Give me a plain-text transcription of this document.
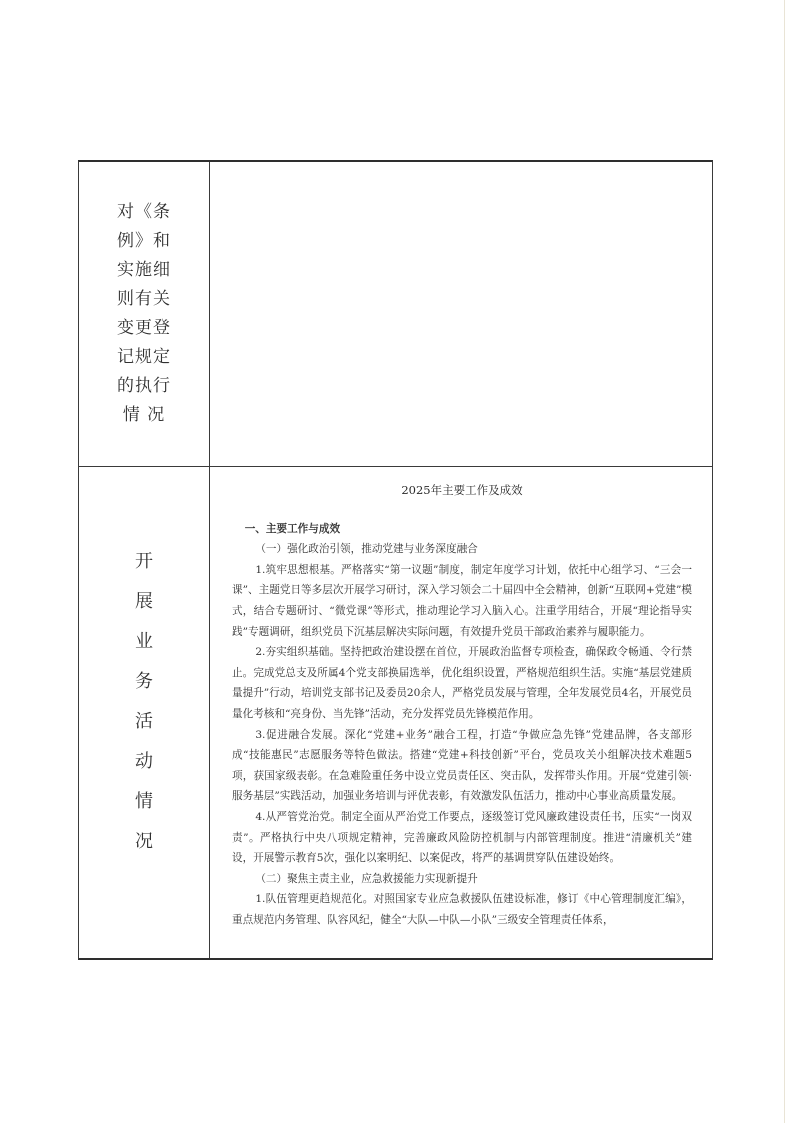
对《条
例》和
实施细
则有关
变更登
记规定
的执行
情 况
开
展
业
务
活
动
情
况
2025年主要工作及成效

一、主要工作与成效

（一）强化政治引领，推动党建与业务深度融合

1.筑牢思想根基。严格落实“第一议题”制度，制定年度学习计划，依托中心组学习、“三会一课”、主题党日等多层次开展学习研讨，深入学习领会二十届四中全会精神，创新“互联网+党建”模式，结合专题研讨、“微党课”等形式，推动理论学习入脑入心。注重学用结合，开展“理论指导实践”专题调研，组织党员下沉基层解决实际问题，有效提升党员干部政治素养与履职能力。

2.夯实组织基础。坚持把政治建设摆在首位，开展政治监督专项检查，确保政令畅通、令行禁止。完成党总支及所属4个党支部换届选举，优化组织设置，严格规范组织生活。实施“基层党建质量提升”行动，培训党支部书记及委员20余人，严格党员发展与管理，全年发展党员4名，开展党员量化考核和“亮身份、当先锋”活动，充分发挥党员先锋模范作用。

3.促进融合发展。深化“党建+业务”融合工程，打造“争做应急先锋”党建品牌，各支部形成“技能惠民”志愿服务等特色做法。搭建“党建+科技创新”平台，党员攻关小组解决技术难题5项，获国家级表彰。在急难险重任务中设立党员责任区、突击队，发挥带头作用。开展“党建引领·服务基层”实践活动，加强业务培训与评优表彰，有效激发队伍活力，推动中心事业高质量发展。

4.从严管党治党。制定全面从严治党工作要点，逐级签订党风廉政建设责任书，压实“一岗双责”。严格执行中央八项规定精神，完善廉政风险防控机制与内部管理制度。推进“清廉机关”建设，开展警示教育5次，强化以案明纪、以案促改，将严的基调贯穿队伍建设始终。

（二）聚焦主责主业，应急救援能力实现新提升

1.队伍管理更趋规范化。对照国家专业应急救援队伍建设标准，修订《中心管理制度汇编》，重点规范内务管理、队容风纪，健全“大队—中队—小队”三级安全管理责任体系，
